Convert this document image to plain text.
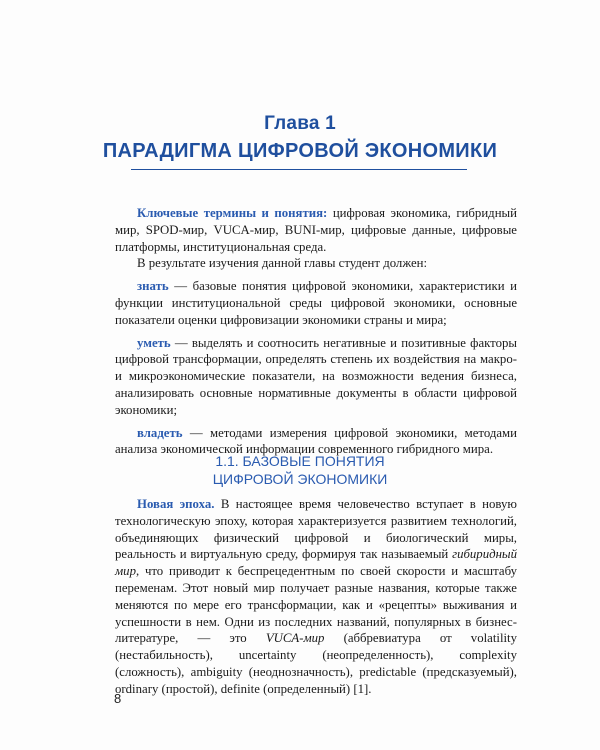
Глава 1
ПАРАДИГМА ЦИФРОВОЙ ЭКОНОМИКИ

Ключевые термины и понятия: цифровая экономика, гибридный мир, SPOD-мир, VUCA-мир, BUNI-мир, цифровые данные, цифровые платформы, институциональная среда.

В результате изучения данной главы студент должен:

знать — базовые понятия цифровой экономики, характеристики и функции институциональной среды цифровой экономики, основные показатели оценки цифровизации экономики страны и мира;

уметь — выделять и соотносить негативные и позитивные факторы цифровой трансформации, определять степень их воздействия на макро- и микроэкономические показатели, на возможности ведения бизнеса, анализировать основные нормативные документы в области цифровой экономики;

владеть — методами измерения цифровой экономики, методами анализа экономической информации современного гибридного мира.

1.1. БАЗОВЫЕ ПОНЯТИЯ
ЦИФРОВОЙ ЭКОНОМИКИ

Новая эпоха. В настоящее время человечество вступает в новую технологическую эпоху, которая характеризуется развитием технологий, объединяющих физический цифровой и биологический миры, реальность и виртуальную среду, формируя так называемый гибиридный мир, что приводит к беспрецедентным по своей скорости и масштабу переменам. Этот новый мир получает разные названия, которые также меняются по мере его трансформации, как и «рецепты» выживания и успешности в нем. Одни из последних названий, популярных в бизнес-литературе, — это VUCA-мир (аббревиатура от volatility (нестабильность), uncertainty (неопределенность), complexity (сложность), ambiguity (неоднозначность), predictable (предсказуемый), ordinary (простой), definite (определенный) [1].

8
